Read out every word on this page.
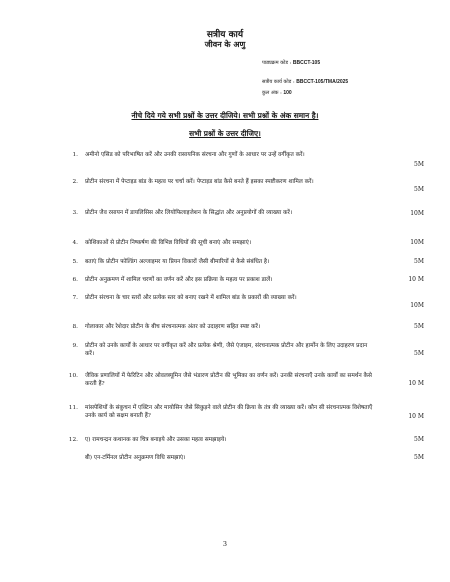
सत्रीय कार्य
जीवन के अणु
पाठ्यक्रम कोड : BBCCT-105
सत्रीय कार्य कोड : BBCCT-105/TMA/2025
कुल अंक : 100
नीचे दिये गये सभी प्रश्नों के उत्तर दीजिये। सभी प्रश्नों के अंक समान है।
सभी प्रश्नों के उत्तर दीजिए।
1. अमीनो एसिड को परिभाषित करें और उनकी रासायनिक संरचना और गुणों के आधार पर उन्हें वर्गीकृत करें।
5M
2. प्रोटीन संरचना में पेप्टाइड बांड के महत्व पर चर्चा करें। पेप्टाइड बांड कैसे बनते हैं इसका स्पष्टीकरण शामिल करें।
5M
3. प्रोटीन जैव रसायन में डायलिसिस और लियोफिलाइजेशन के सिद्धांत और अनुप्रयोगों की व्याख्या करें।	10M
4. कोशिकाओं से प्रोटीन निष्कर्षण की विभिन्न विधियों की सूची बनाएं और समझाएं।	10M
5. बताएं कि प्रोटीन फोल्डिंग अल्जाइमर या प्रियन विकारों जैसी बीमारियों से कैसे संबंधित है।	5M
6. प्रोटीन अनुक्रमण में शामिल चरणों का वर्णन करें और इस प्रक्रिया के महत्व पर प्रकाश डालें।	10 M
7. प्रोटीन संरचना के चार स्तरों और प्रत्येक स्तर को बनाए रखने में शामिल बांड के प्रकारों की व्याख्या करें।
10M
8. गोलाकार और रेशेदार प्रोटीन के बीच संरचनात्मक अंतर को उदाहरण सहित स्पष्ट करें।	5M
9. प्रोटीन को उनके कार्यों के आधार पर वर्गीकृत करें और प्रत्येक श्रेणी, जैसे एंजाइम, संरचनात्मक प्रोटीन और हार्मोन के लिए उदाहरण प्रदान करें।	5M
10. जैविक प्रणालियों में फेरिटिन और ओवलब्यूमिन जैसे भंडारण प्रोटीन की भूमिका का वर्णन करें। उनकी संरचनाएँ उनके कार्यों का समर्थन कैसे करती हैं?	10 M
11. मांसपेशियों के संकुचन में एक्टिन और मायोसिन जैसे सिकुड़ने वाले प्रोटीन की क्रिया के तंत्र की व्याख्या करें। कौन सी संरचनात्मक विशेषताएँ उनके कार्य को सक्षम बनाती हैं?	10 M
12. ए) रामचन्द्रन कथानक का चित्र बनाइये और उसका महत्व समझाइये।	5M
बी) एन-टर्मिनल प्रोटीन अनुक्रमण विधि समझाएं।	5M
3
